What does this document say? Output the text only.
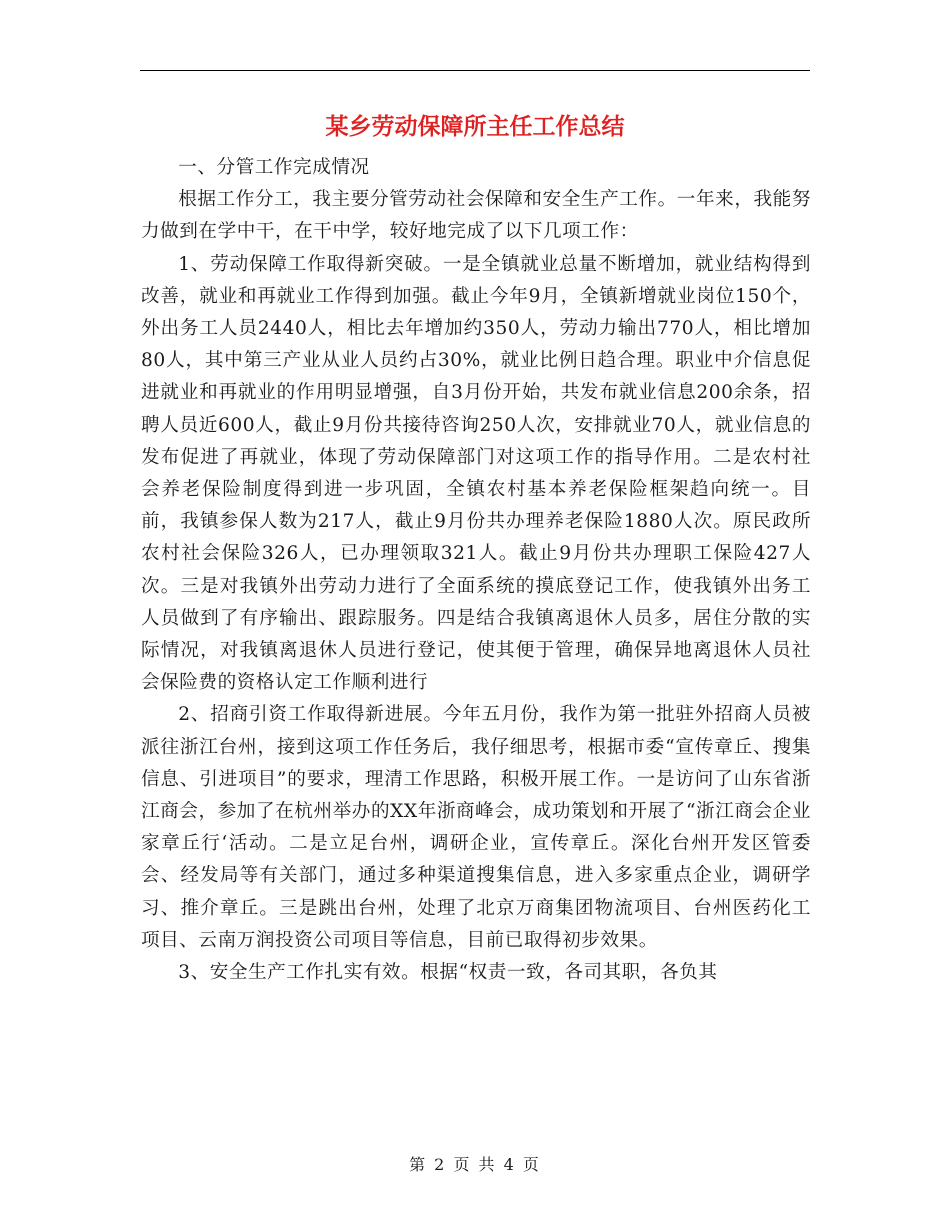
某乡劳动保障所主任工作总结

一、分管工作完成情况

根据工作分工，我主要分管劳动社会保障和安全生产工作。一年来，我能努力做到在学中干，在干中学，较好地完成了以下几项工作：

1、劳动保障工作取得新突破。一是全镇就业总量不断增加，就业结构得到改善，就业和再就业工作得到加强。截止今年9月，全镇新增就业岗位150个，外出务工人员2440人，相比去年增加约350人，劳动力输出770人，相比增加80人，其中第三产业从业人员约占30%，就业比例日趋合理。职业中介信息促进就业和再就业的作用明显增强，自3月份开始，共发布就业信息200余条，招聘人员近600人，截止9月份共接待咨询250人次，安排就业70人，就业信息的发布促进了再就业，体现了劳动保障部门对这项工作的指导作用。二是农村社会养老保险制度得到进一步巩固，全镇农村基本养老保险框架趋向统一。目前，我镇参保人数为217人，截止9月份共办理养老保险1880人次。原民政所农村社会保险326人，已办理领取321人。截止9月份共办理职工保险427人次。三是对我镇外出劳动力进行了全面系统的摸底登记工作，使我镇外出务工人员做到了有序输出、跟踪服务。四是结合我镇离退休人员多，居住分散的实际情况，对我镇离退休人员进行登记，使其便于管理，确保异地离退休人员社会保险费的资格认定工作顺利进行

2、招商引资工作取得新进展。今年五月份，我作为第一批驻外招商人员被派往浙江台州，接到这项工作任务后，我仔细思考，根据市委“宣传章丘、搜集信息、引进项目”的要求，理清工作思路，积极开展工作。一是访问了山东省浙江商会，参加了在杭州举办的XX年浙商峰会，成功策划和开展了“浙江商会企业家章丘行‘活动。二是立足台州，调研企业，宣传章丘。深化台州开发区管委会、经发局等有关部门，通过多种渠道搜集信息，进入多家重点企业，调研学习、推介章丘。三是跳出台州，处理了北京万商集团物流项目、台州医药化工项目、云南万润投资公司项目等信息，目前已取得初步效果。

3、安全生产工作扎实有效。根据“权责一致，各司其职，各负其

第 2 页 共 4 页
